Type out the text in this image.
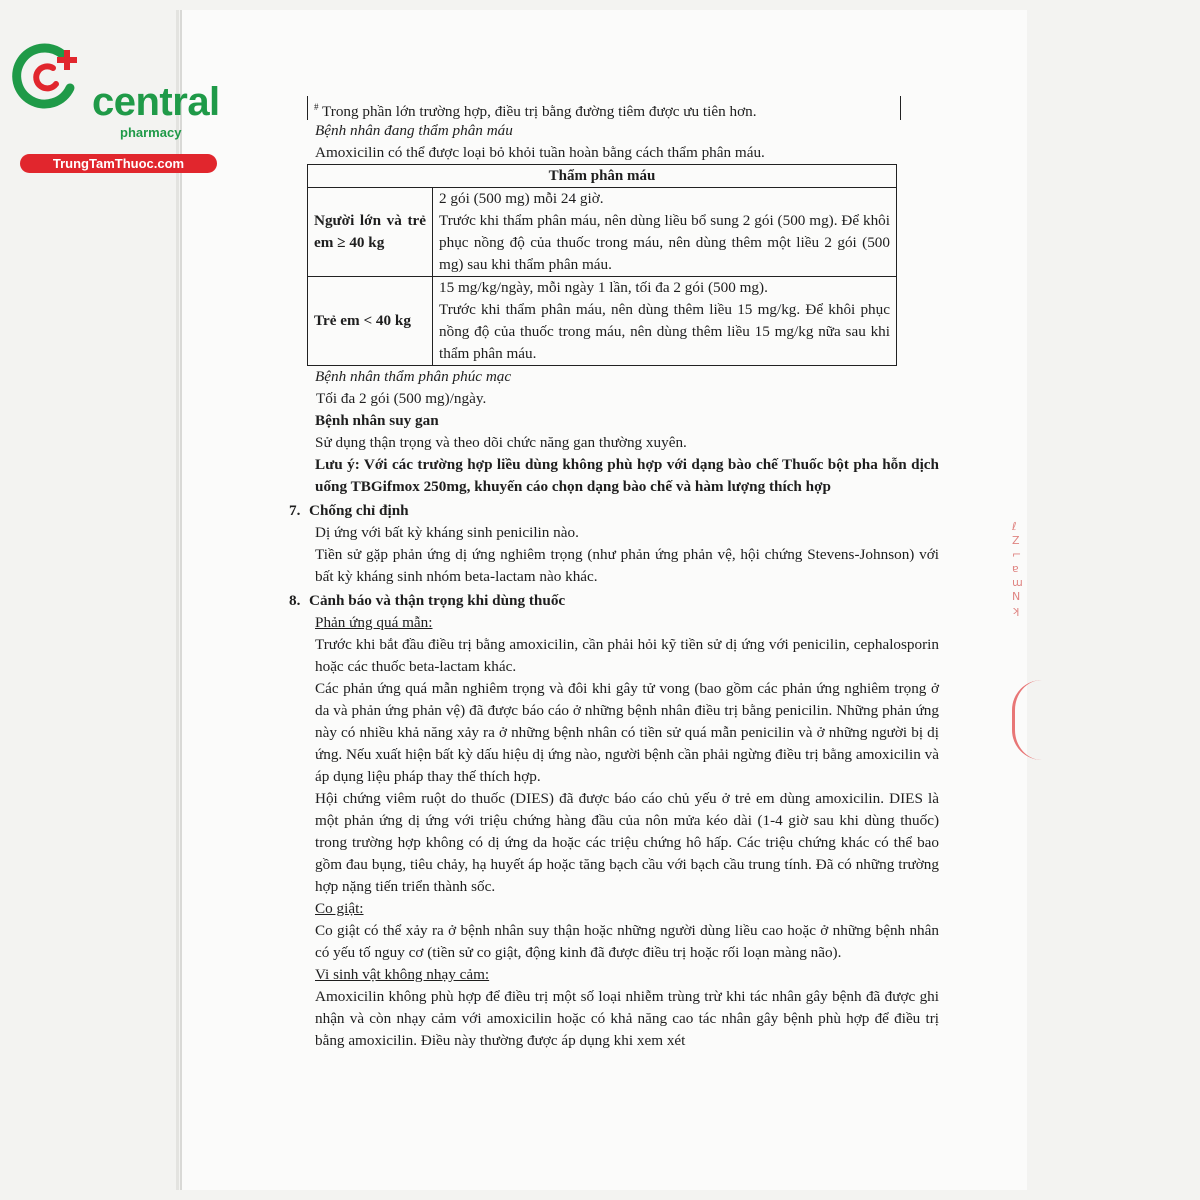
central
pharmacy
TrungTamThuoc.com
ℓ
Ζ
⌐
ɐ
ɯ
Ν
ʞ
# Trong phần lớn trường hợp, điều trị bằng đường tiêm được ưu tiên hơn.
Bệnh nhân đang thẩm phân máu
Amoxicilin có thể được loại bỏ khỏi tuần hoàn bằng cách thẩm phân máu.
Thẩm phân máu	
Người lớn và trẻ em ≥ 40 kg	2 gói (500 mg) mỗi 24 giờ.
Trước khi thẩm phân máu, nên dùng liều bổ sung 2 gói (500 mg). Để khôi phục nồng độ của thuốc trong máu, nên dùng thêm một liều 2 gói (500 mg) sau khi thẩm phân máu.

Trẻ em < 40 kg	15 mg/kg/ngày, mỗi ngày 1 lần, tối đa 2 gói (500 mg).
Trước khi thẩm phân máu, nên dùng thêm liều 15 mg/kg. Để khôi phục nồng độ của thuốc trong máu, nên dùng thêm liều 15 mg/kg nữa sau khi thẩm phân máu.
Bệnh nhân thẩm phân phúc mạc
Tối đa 2 gói (500 mg)/ngày.
Bệnh nhân suy gan
Sử dụng thận trọng và theo dõi chức năng gan thường xuyên.
Lưu ý: Với các trường hợp liều dùng không phù hợp với dạng bào chế Thuốc bột pha hỗn dịch uống TBGifmox 250mg, khuyến cáo chọn dạng bào chế và hàm lượng thích hợp
7. Chống chỉ định
Dị ứng với bất kỳ kháng sinh penicilin nào.
Tiền sử gặp phản ứng dị ứng nghiêm trọng (như phản ứng phản vệ, hội chứng Stevens-Johnson) với bất kỳ kháng sinh nhóm beta-lactam nào khác.
8. Cảnh báo và thận trọng khi dùng thuốc
Phản ứng quá mẫn:
Trước khi bắt đầu điều trị bằng amoxicilin, cần phải hỏi kỹ tiền sử dị ứng với penicilin, cephalosporin hoặc các thuốc beta-lactam khác.
Các phản ứng quá mẫn nghiêm trọng và đôi khi gây tử vong (bao gồm các phản ứng nghiêm trọng ở da và phản ứng phản vệ) đã được báo cáo ở những bệnh nhân điều trị bằng penicilin. Những phản ứng này có nhiều khả năng xảy ra ở những bệnh nhân có tiền sử quá mẫn penicilin và ở những người bị dị ứng. Nếu xuất hiện bất kỳ dấu hiệu dị ứng nào, người bệnh cần phải ngừng điều trị bằng amoxicilin và áp dụng liệu pháp thay thế thích hợp.
Hội chứng viêm ruột do thuốc (DIES) đã được báo cáo chủ yếu ở trẻ em dùng amoxicilin. DIES là một phản ứng dị ứng với triệu chứng hàng đầu của nôn mửa kéo dài (1-4 giờ sau khi dùng thuốc) trong trường hợp không có dị ứng da hoặc các triệu chứng hô hấp. Các triệu chứng khác có thể bao gồm đau bụng, tiêu chảy, hạ huyết áp hoặc tăng bạch cầu với bạch cầu trung tính. Đã có những trường hợp nặng tiến triển thành sốc.
Co giật:
Co giật có thể xảy ra ở bệnh nhân suy thận hoặc những người dùng liều cao hoặc ở những bệnh nhân có yếu tố nguy cơ (tiền sử co giật, động kinh đã được điều trị hoặc rối loạn màng não).
Vi sinh vật không nhạy cảm:
Amoxicilin không phù hợp để điều trị một số loại nhiễm trùng trừ khi tác nhân gây bệnh đã được ghi nhận và còn nhạy cảm với amoxicilin hoặc có khả năng cao tác nhân gây bệnh phù hợp để điều trị bằng amoxicilin. Điều này thường được áp dụng khi xem xét
